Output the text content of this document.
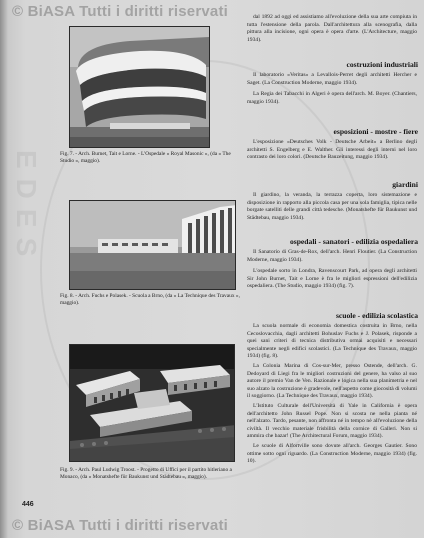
EDES
© BiASA Tutti i diritti riservati
Fig. 7. - Arch. Burnet, Tait e Lorne. - L'Ospedale « Royal Masonic », (da « The Studio », maggio).
Fig. 8. - Arch. Fuchs e Polasek. - Scuola a Brno, (da « La Technique des Travaux », maggio).
Fig. 9. - Arch. Paul Ludwig Troost. - Progetto di Uffici per il partito hitleriano a Monaco, (da « Monatshefte für Baukunst und Städtebau », maggio).

dal 1892 ad oggi ed assistiamo all'evoluzione della sua arte compiuta in tutta l'estensione della parola. Dall'architettura alla scenografia, dalla pittura alla incisione, ogni opera è opera d'arte. (L'Architecture, maggio 1934).

costruzioni industriali

Il laboratorio «Veritas» a Levallois-Perret degli architetti Hercher e Saget. (La Construction Moderne, maggio 1934).

La Regìa dei Tabacchi in Algeri è opera dell'arch. M. Boyer. (Chantiers, maggio 1934).

esposizioni - mostre - fiere

L'esposizione «Deutsches Volk - Deutsche Arbeit» a Berlino degli architetti S. Engelberg e E. Walther. Gli interessi degli interni nel loro contrasto dei loro colori. (Deutsche Bauzeitung, maggio 1934).

giardini

Il giardino, la veranda, la terrazza coperta, loro sistemazione e disposizione in rapporto alla piccola casa per una sola famiglia, tipica nelle borgate satelliti delle grandi città tedesche. (Monatshefte für Baukunst und Städtebau, maggio 1934).

ospedali - sanatori - edilizia ospedaliera

Il Sanatorio di Gras-de-Rox, dell'arch. Henri Floutier. (La Construction Moderne, maggio 1934).

L'ospedale sorto in Londra, Ravenscourt Park, ad opera degli architetti Sir John Burnet, Tait e Lorne è fra le migliori espressioni dell'edilizia ospedaliera. (The Studio, maggio 1934) (fig. 7).

scuole - edilizia scolastica

La scuola normale di economia domestica costruita in Brno, nella Cecoslovacchia, dagli architetti Bohuslav Fuchs e J. Polasek, risponde a quei sani criteri di tecnica distributiva ormai acquisiti e necessari specialmente negli edifici scolastici. (La Technique des Travaux, maggio 1934) (fig. 8).

La Colonia Marina di Cos-sur-Mer, presso Ostende, dell'arch. G. Dedoyard di Liegi fra le migliori costruzioni del genere, ha valso al suo autore il premio Van de Ven. Razionale e logica nella sua planimetria e nel suo alzato la costruzione è gradevole, nell'aspetto come giocosità di volumi il soggiorno. (La Technique des Travaux, maggio 1934).

L'Istituto Culturale dell'Università di Yale in California è opera dell'architetto John Russel Pope. Non si scosta ne nella pianta né nell'alzato. Tardo, pesante, non affronta né in tempo nè all'evoluzione della civiltà. Il vecchio materiale frisbilità della cornice di Galleri. Non si ammira che bazar! (The Architectural Forum, maggio 1934).

Le scuole di Alfortville sono dovute all'arch. Georges Gautier. Sono ottime sotto ogni riguardo. (La Construction Moderne, maggio 1934) (fig. 10).

446
© BiASA Tutti i diritti riservati
